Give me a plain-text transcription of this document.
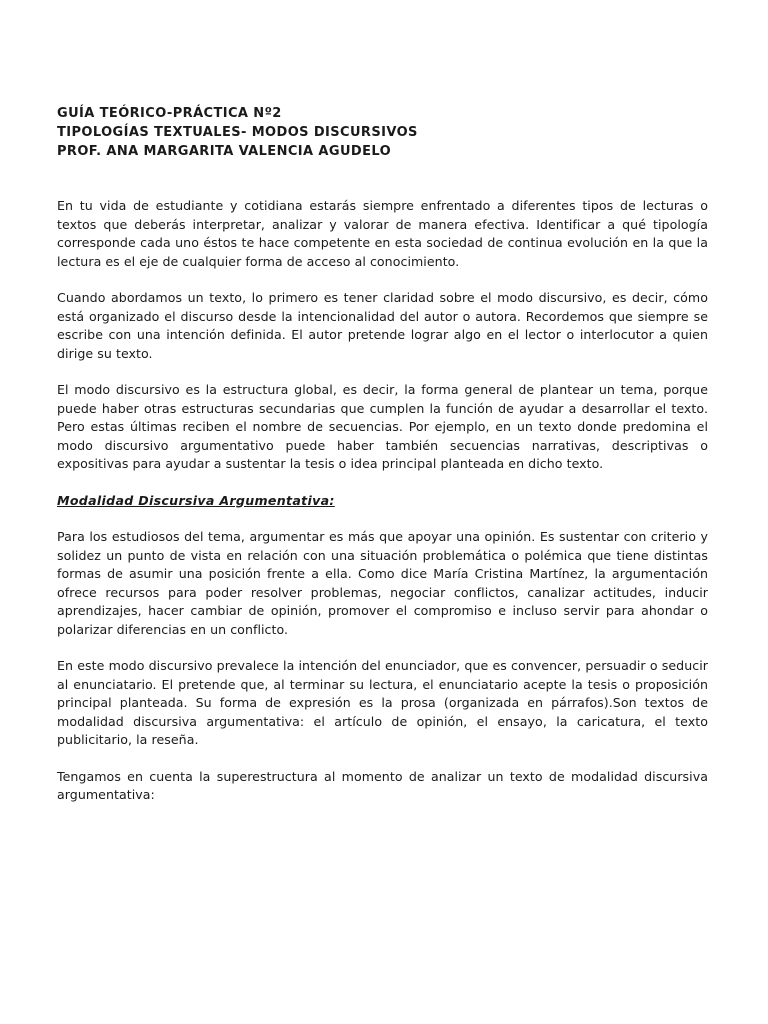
GUÍA TEÓRICO-PRÁCTICA Nº2
TIPOLOGÍAS TEXTUALES- MODOS DISCURSIVOS
PROF. ANA MARGARITA VALENCIA AGUDELO

En tu vida de estudiante y cotidiana estarás siempre enfrentado a diferentes tipos de lecturas o textos que deberás interpretar, analizar y valorar de manera efectiva. Identificar a qué tipología corresponde cada uno éstos te hace competente en esta sociedad de continua evolución en la que la lectura es el eje de cualquier forma de acceso al conocimiento.

Cuando abordamos un texto, lo primero es tener claridad sobre el modo discursivo, es decir, cómo está organizado el discurso desde la intencionalidad del autor o autora. Recordemos que siempre se escribe con una intención definida. El autor pretende lograr algo en el lector o interlocutor a quien dirige su texto.

El modo discursivo es la estructura global, es decir, la forma general de plantear un tema, porque puede haber otras estructuras secundarias que cumplen la función de ayudar a desarrollar el texto. Pero estas últimas reciben el nombre de secuencias. Por ejemplo, en un texto donde predomina el modo discursivo argumentativo puede haber también secuencias narrativas, descriptivas o expositivas para ayudar a sustentar la tesis o idea principal planteada en dicho texto.

Modalidad Discursiva Argumentativa:

Para los estudiosos del tema, argumentar es más que apoyar una opinión. Es sustentar con criterio y solidez un punto de vista en relación con una situación problemática o polémica que tiene distintas formas de asumir una posición frente a ella. Como dice María Cristina Martínez, la argumentación ofrece recursos para poder resolver problemas, negociar conflictos, canalizar actitudes, inducir aprendizajes, hacer cambiar de opinión, promover el compromiso e incluso servir para ahondar o polarizar diferencias en un conflicto.

En este modo discursivo prevalece la intención del enunciador, que es convencer, persuadir o seducir al enunciatario. El pretende que, al terminar su lectura, el enunciatario acepte la tesis o proposición principal planteada. Su forma de expresión es la prosa (organizada en párrafos).Son textos de modalidad discursiva argumentativa: el artículo de opinión, el ensayo, la caricatura, el texto publicitario, la reseña.

Tengamos en cuenta la superestructura al momento de analizar un texto de modalidad discursiva argumentativa:
